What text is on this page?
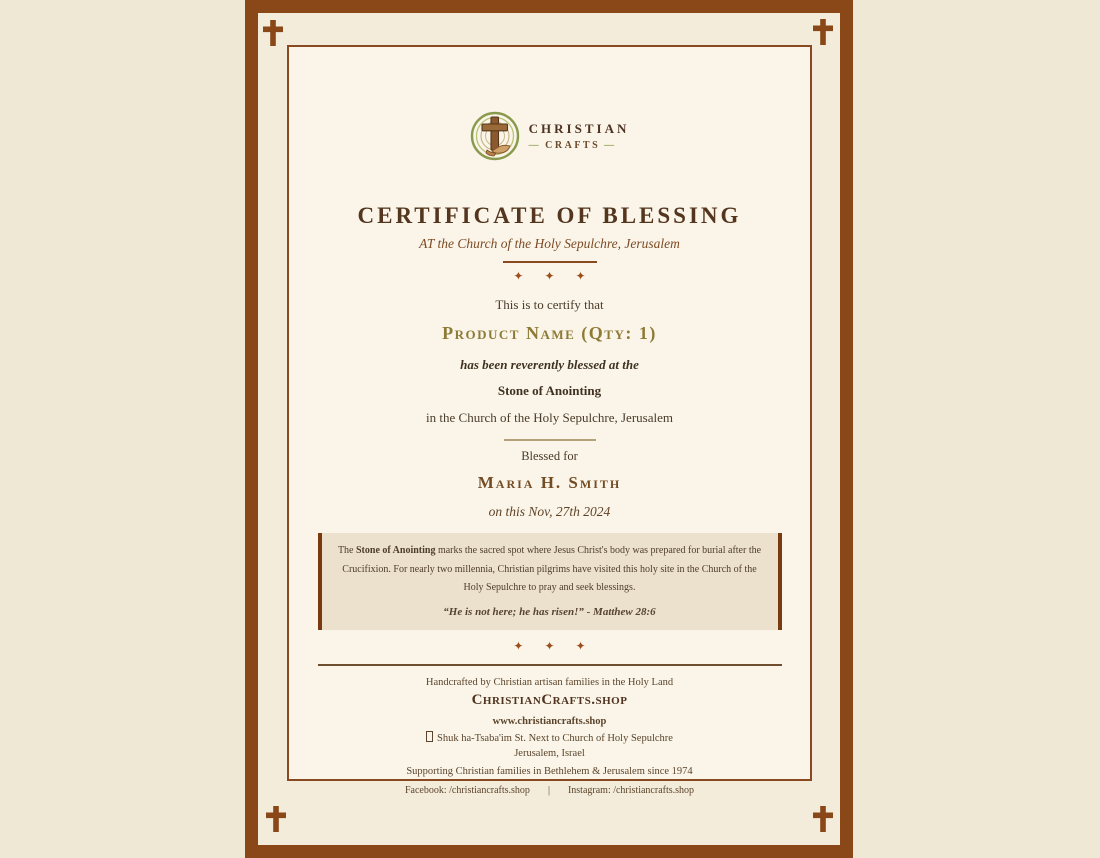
CHRISTIAN
— CRAFTS —
CERTIFICATE OF BLESSING
AT the Church of the Holy Sepulchre, Jerusalem
✦ ✦ ✦
This is to certify that
Product Name (Qty: 1)
has been reverently blessed at the
Stone of Anointing
in the Church of the Holy Sepulchre, Jerusalem
Blessed for
Maria H. Smith
on this Nov, 27th 2024
The Stone of Anointing marks the sacred spot where Jesus Christ's body was prepared for burial after the Crucifixion. For nearly two millennia, Christian pilgrims have visited this holy site in the Church of the Holy Sepulchre to pray and seek blessings.
“He is not here; he has risen!” - Matthew 28:6
✦ ✦ ✦
Handcrafted by Christian artisan families in the Holy Land
ChristianCrafts.shop
www.christiancrafts.shop
Shuk ha-Tsaba'im St. Next to Church of Holy Sepulchre
Jerusalem, Israel
Supporting Christian families in Bethlehem & Jerusalem since 1974
Facebook: /christiancrafts.shop | Instagram: /christiancrafts.shop
